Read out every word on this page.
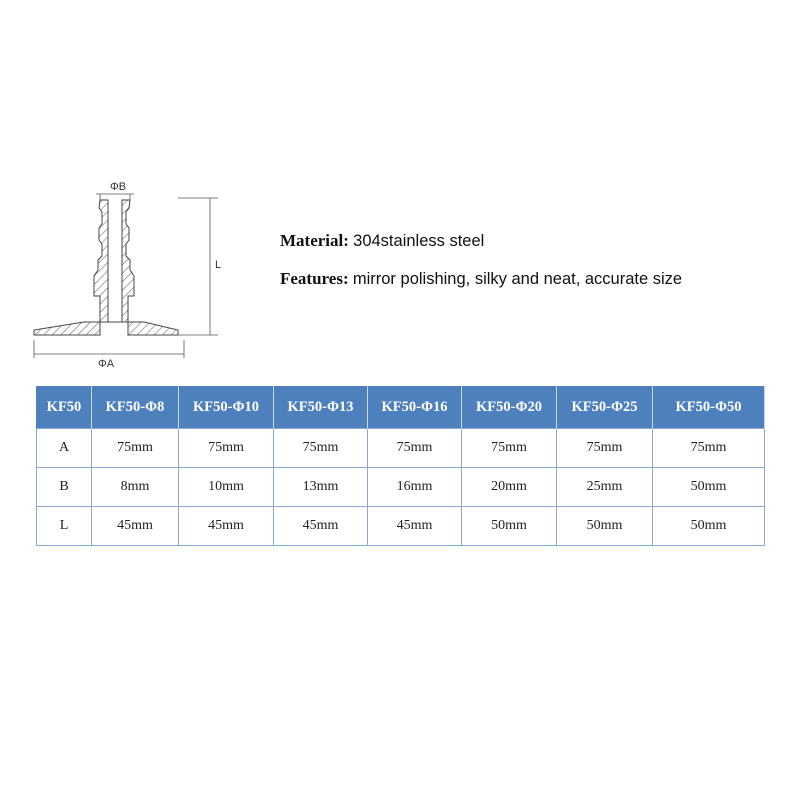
ΦB
L
ΦA
Material: 304stainless steel
Features: mirror polishing, silky and neat, accurate size
KF50	KF50-Φ8	KF50-Φ10	KF50-Φ13	KF50-Φ16	KF50-Φ20	KF50-Φ25	KF50-Φ50
A	75mm	75mm	75mm	75mm	75mm	75mm	75mm
B	8mm	10mm	13mm	16mm	20mm	25mm	50mm
L	45mm	45mm	45mm	45mm	50mm	50mm	50mm
